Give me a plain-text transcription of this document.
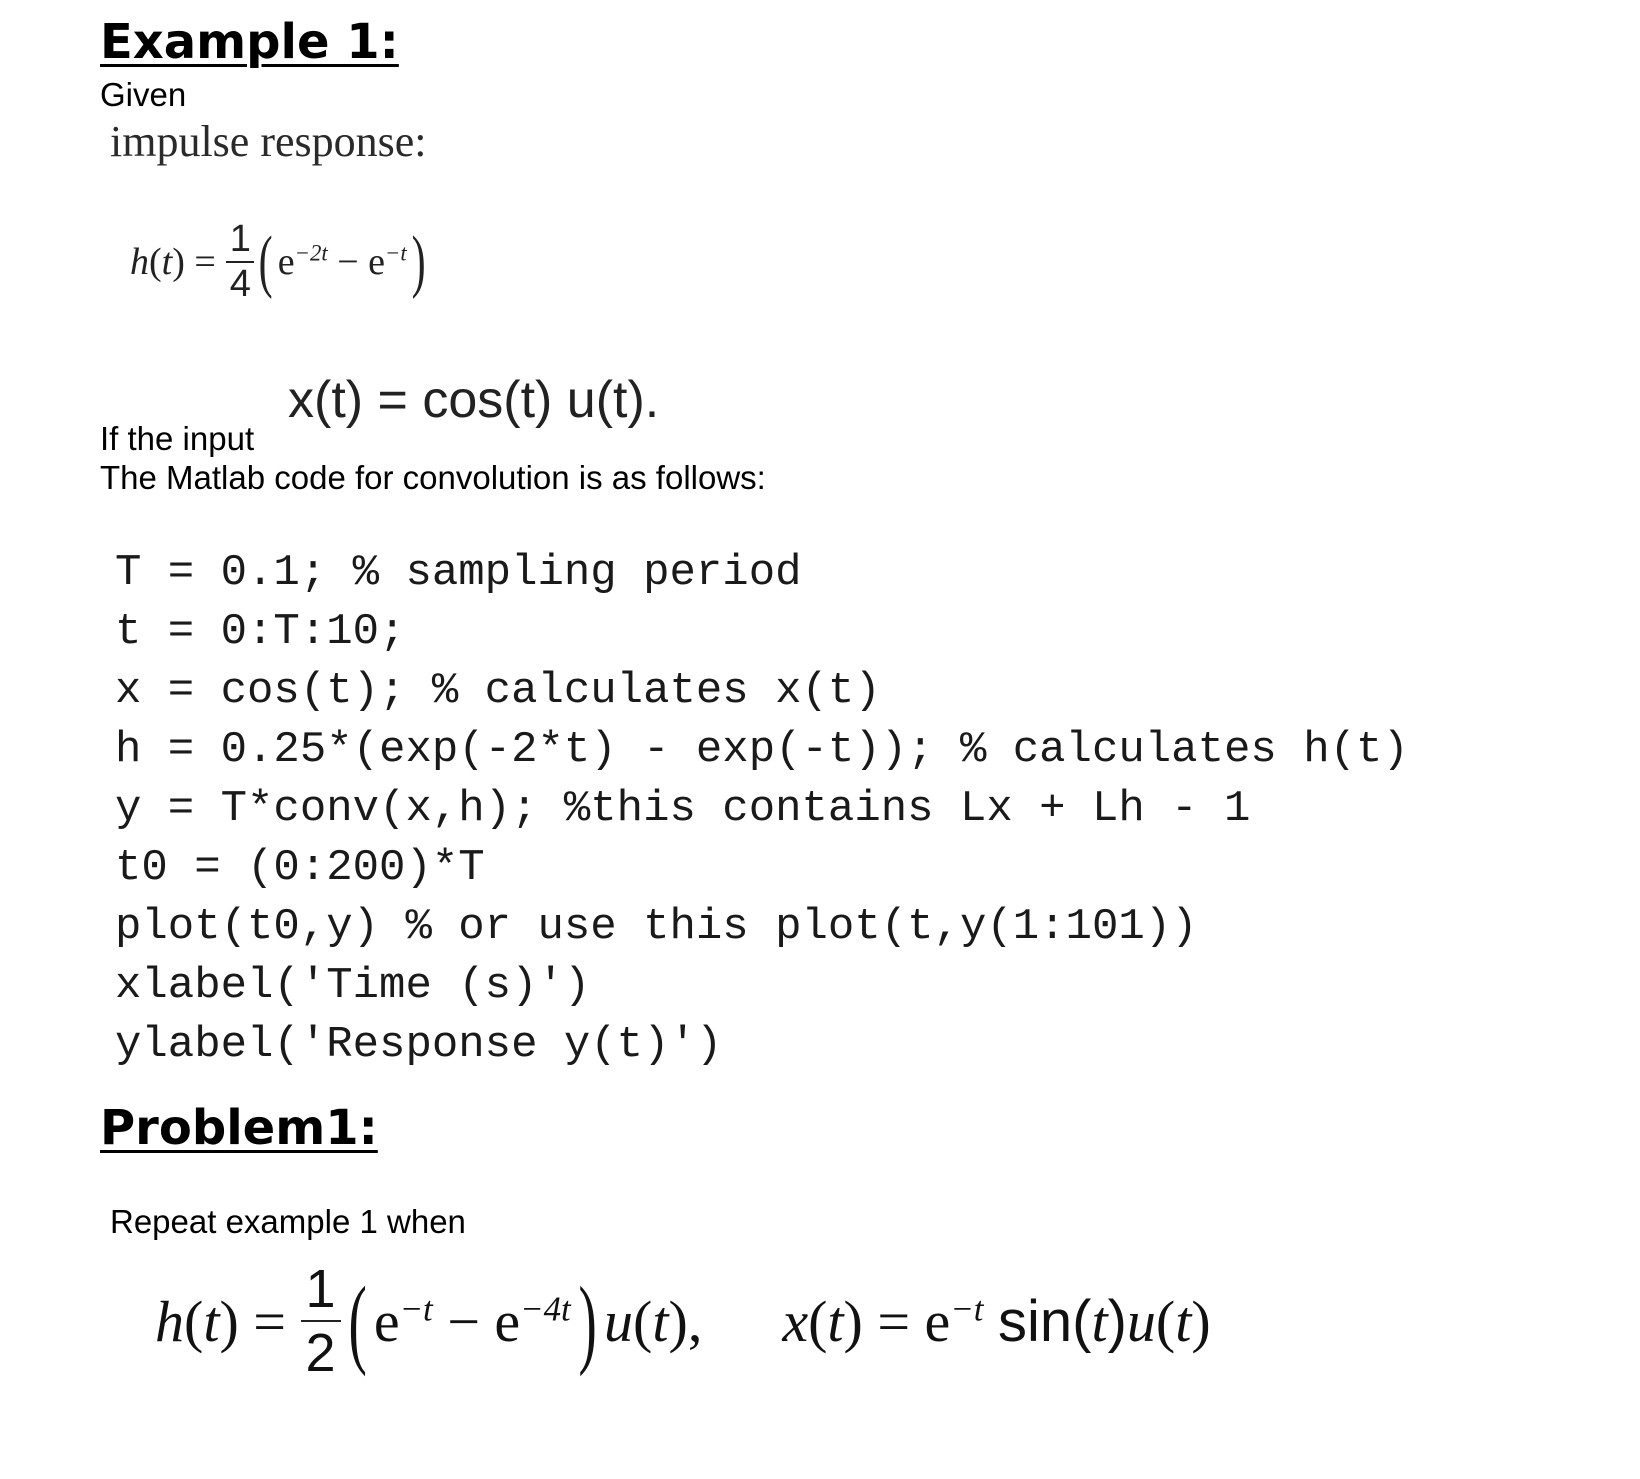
Example 1:
Given
impulse response:
h ( t ) =
$\frac{1}{4}$ ( $e^{-2t} - e^{-t}$ )
If the input
x(t) = cos(t) u(t).
The Matlab code for convolution is as follows:
T = 0.1; % sampling period
t = 0:T:10;
x = cos(t); % calculates x(t)
h = 0.25*(exp(-2*t) - exp(-t)); % calculates h(t)
y = T*conv(x,h); %this contains Lx + Lh - 1
t0 = (0:200)*T
plot(t0,y) % or use this plot(t,y(1:101))
xlabel('Time (s)')
ylabel('Response y(t)')
Problem1:
Repeat example 1 when
h ( t ) = $\frac{1}{2}$ ( $e^{-t} - e^{-4t}$ ) u ( t ), x ( t ) = $e^{-t}$ sin( t ) u ( t )
